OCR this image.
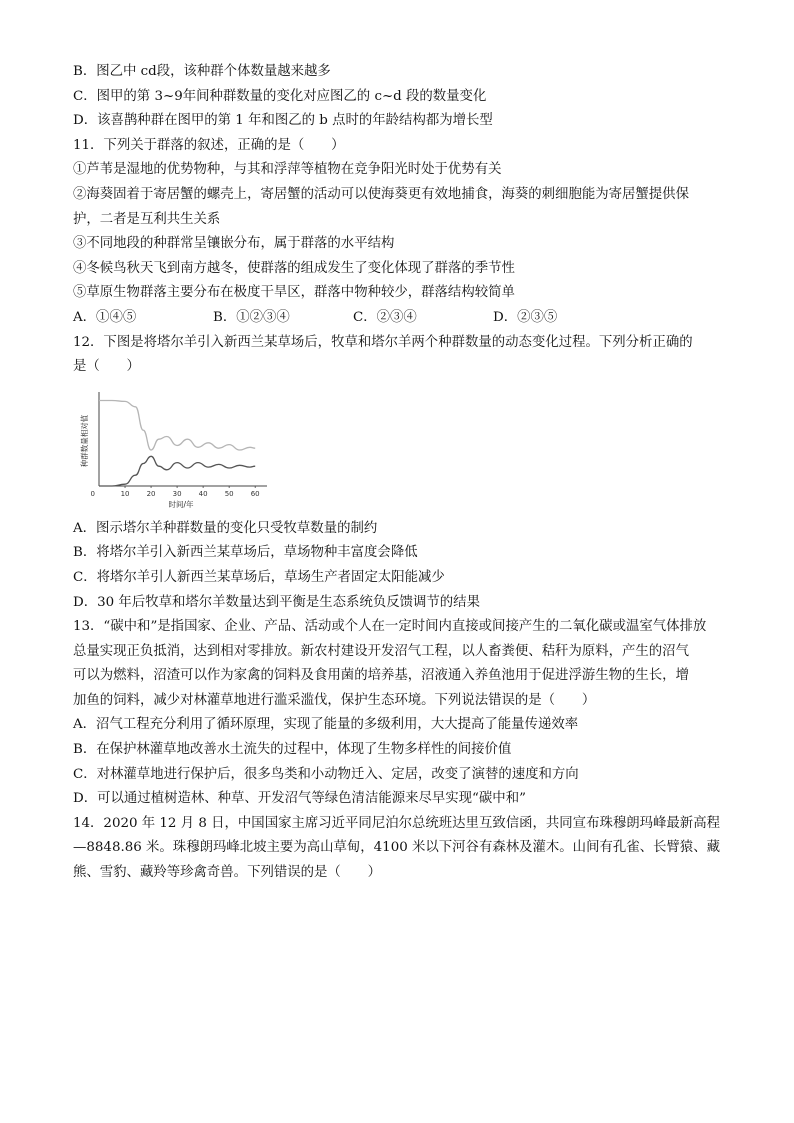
B．图乙中 cd段，该种群个体数量越来越多
C．图甲的第 3~9年间种群数量的变化对应图乙的 c~d 段的数量变化
D．该喜鹊种群在图甲的第 1 年和图乙的 b 点时的年龄结构都为增长型
11．下列关于群落的叙述，正确的是（　　）
①芦苇是湿地的优势物种，与其和浮萍等植物在竞争阳光时处于优势有关
②海葵固着于寄居蟹的螺壳上，寄居蟹的活动可以使海葵更有效地捕食，海葵的刺细胞能为寄居蟹提供保
护，二者是互利共生关系
③不同地段的种群常呈镶嵌分布，属于群落的水平结构
④冬候鸟秋天飞到南方越冬，使群落的组成发生了变化体现了群落的季节性
⑤草原生物群落主要分布在极度干旱区，群落中物种较少，群落结构较简单
A．①④⑤	B．①②③④	C．②③④	D．②③⑤
12．下图是将塔尔羊引入新西兰某草场后，牧草和塔尔羊两个种群数量的动态变化过程。下列分析正确的
是（　　）
0	10 20 30 40 50 60
时间/年
种群数量相对值
A．图示塔尔羊种群数量的变化只受牧草数量的制约
B．将塔尔羊引入新西兰某草场后，草场物种丰富度会降低
C．将塔尔羊引人新西兰某草场后，草场生产者固定太阳能减少
D．30 年后牧草和塔尔羊数量达到平衡是生态系统负反馈调节的结果
13．“碳中和”是指国家、企业、产品、活动或个人在一定时间内直接或间接产生的二氧化碳或温室气体排放
总量实现正负抵消，达到相对零排放。新农村建设开发沼气工程，以人畜粪便、秸秆为原料，产生的沼气
可以为燃料，沼渣可以作为家禽的饲料及食用菌的培养基，沼液通入养鱼池用于促进浮游生物的生长，增
加鱼的饲料，减少对林灌草地进行滥采滥伐，保护生态环境。下列说法错误的是（　　）
A．沼气工程充分利用了循环原理，实现了能量的多级利用，大大提高了能量传递效率
B．在保护林灌草地改善水土流失的过程中，体现了生物多样性的间接价值
C．对林灌草地进行保护后，很多鸟类和小动物迁入、定居，改变了演替的速度和方向
D．可以通过植树造林、种草、开发沼气等绿色清洁能源来尽早实现“碳中和”
14．2020 年 12 月 8 日，中国国家主席习近平同尼泊尔总统班达里互致信函，共同宣布珠穆朗玛峰最新高程
—8848.86 米。珠穆朗玛峰北坡主要为高山草甸，4100 米以下河谷有森林及灌木。山间有孔雀、长臂猿、藏
熊、雪豹、藏羚等珍禽奇兽。下列错误的是（　　）
